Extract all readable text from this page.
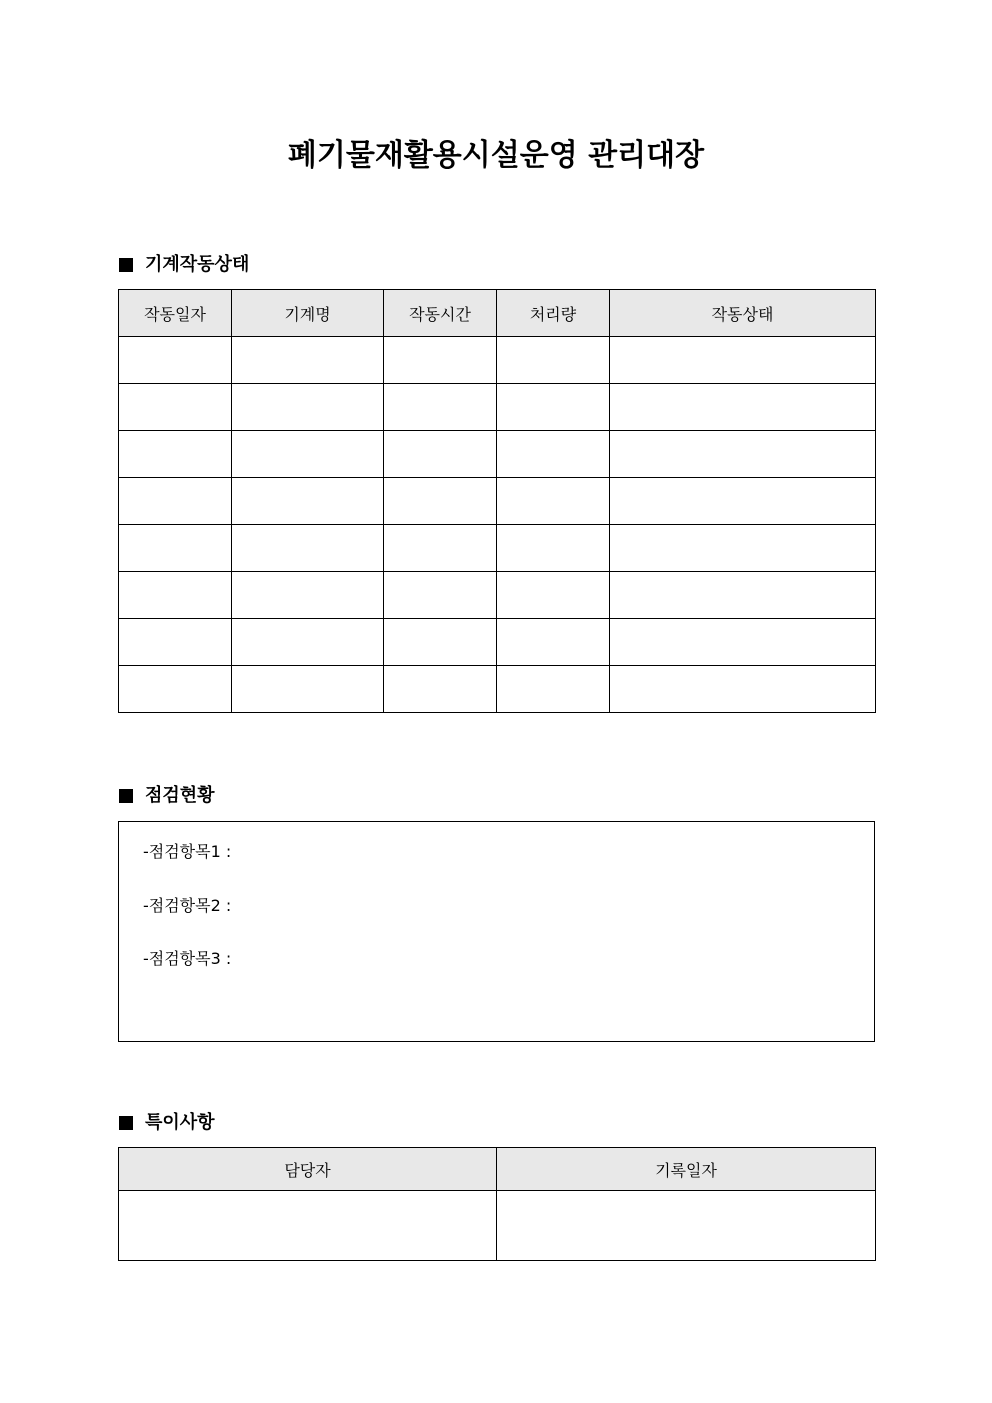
폐기물재활용시설운영 관리대장
기계작동상태
작동일자	기계명	작동시간	처리량	작동상태

점검현황
-점검항목1 :
-점검항목2 :
-점검항목3 :
특이사항
담당자	기록일자
